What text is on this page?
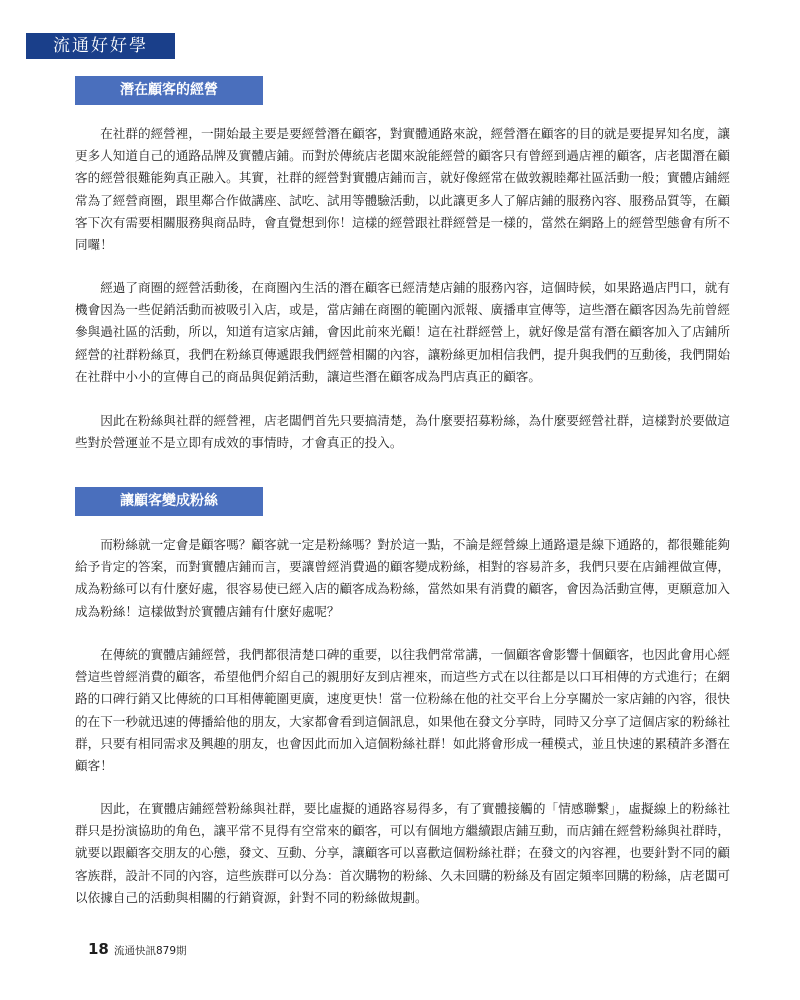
流通好好學
潛在顧客的經營

在社群的經營裡，一開始最主要是要經營潛在顧客，對實體通路來說，經營潛在顧客的目的就是要提昇知名度，讓更多人知道自己的通路品牌及實體店鋪。而對於傳統店老闆來說能經營的顧客只有曾經到過店裡的顧客，店老闆潛在顧客的經營很難能夠真正融入。其實，社群的經營對實體店鋪而言，就好像經常在做敦親睦鄰社區活動一般；實體店鋪經常為了經營商圈，跟里鄰合作做講座、試吃、試用等體驗活動，以此讓更多人了解店鋪的服務內容、服務品質等，在顧客下次有需要相關服務與商品時，會直覺想到你！這樣的經營跟社群經營是一樣的，當然在網路上的經營型態會有所不同囉！

經過了商圈的經營活動後，在商圈內生活的潛在顧客已經清楚店鋪的服務內容，這個時候，如果路過店門口，就有機會因為一些促銷活動而被吸引入店，或是，當店鋪在商圈的範圍內派報、廣播車宣傳等，這些潛在顧客因為先前曾經參與過社區的活動，所以，知道有這家店鋪，會因此前來光顧！這在社群經營上，就好像是當有潛在顧客加入了店鋪所經營的社群粉絲頁，我們在粉絲頁傳遞跟我們經營相關的內容，讓粉絲更加相信我們，提升與我們的互動後，我們開始在社群中小小的宣傳自己的商品與促銷活動，讓這些潛在顧客成為門店真正的顧客。

因此在粉絲與社群的經營裡，店老闆們首先只要搞清楚，為什麼要招募粉絲，為什麼要經營社群，這樣對於要做這些對於營運並不是立即有成效的事情時，才會真正的投入。

讓顧客變成粉絲

而粉絲就一定會是顧客嗎？顧客就一定是粉絲嗎？對於這一點，不論是經營線上通路還是線下通路的，都很難能夠給予肯定的答案，而對實體店鋪而言，要讓曾經消費過的顧客變成粉絲，相對的容易許多，我們只要在店鋪裡做宣傳，成為粉絲可以有什麼好處，很容易使已經入店的顧客成為粉絲，當然如果有消費的顧客，會因為活動宣傳，更願意加入成為粉絲！這樣做對於實體店鋪有什麼好處呢？

在傳統的實體店鋪經營，我們都很清楚口碑的重要，以往我們常常講，一個顧客會影響十個顧客，也因此會用心經營這些曾經消費的顧客，希望他們介紹自己的親朋好友到店裡來，而這些方式在以往都是以口耳相傳的方式進行；在網路的口碑行銷又比傳統的口耳相傳範圍更廣，速度更快！當一位粉絲在他的社交平台上分享關於一家店鋪的內容，很快的在下一秒就迅速的傳播給他的朋友，大家都會看到這個訊息，如果他在發文分享時，同時又分享了這個店家的粉絲社群，只要有相同需求及興趣的朋友，也會因此而加入這個粉絲社群！如此將會形成一種模式，並且快速的累積許多潛在顧客！

因此，在實體店鋪經營粉絲與社群，要比虛擬的通路容易得多，有了實體接觸的「情感聯繫」，虛擬線上的粉絲社群只是扮演協助的角色，讓平常不見得有空常來的顧客，可以有個地方繼續跟店鋪互動，而店鋪在經營粉絲與社群時，就要以跟顧客交朋友的心態，發文、互動、分享，讓顧客可以喜歡這個粉絲社群；在發文的內容裡，也要針對不同的顧客族群，設計不同的內容，這些族群可以分為：首次購物的粉絲、久未回購的粉絲及有固定頻率回購的粉絲，店老闆可以依據自己的活動與相關的行銷資源，針對不同的粉絲做規劃。

18 流通快訊879期
